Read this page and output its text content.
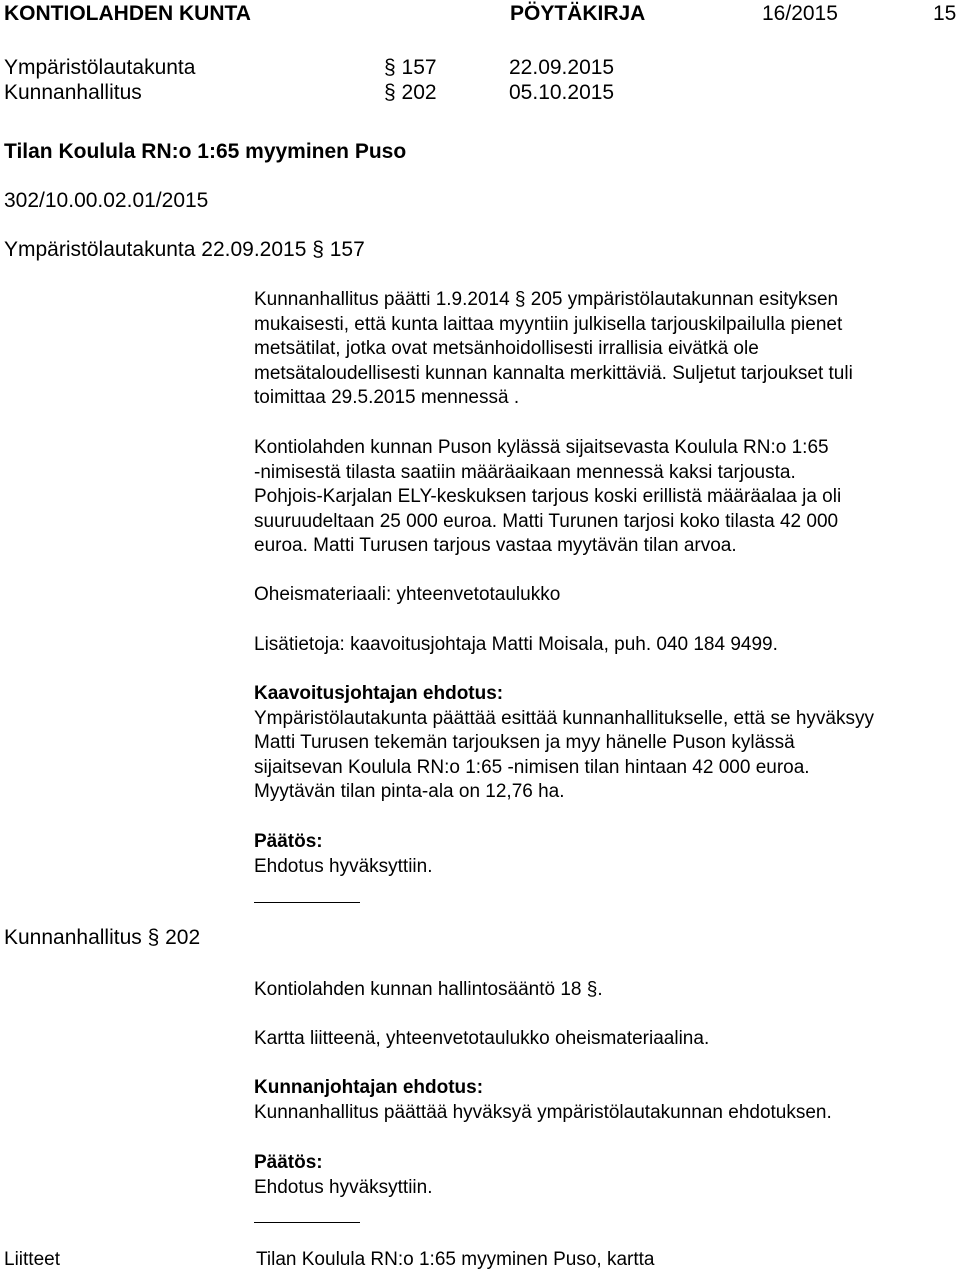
KONTIOLAHDEN KUNTA	PÖYTÄKIRJA	16/2015	15
Ympäristölautakunta	§ 157	22.09.2015
Kunnanhallitus	§ 202	05.10.2015
Tilan Koulula RN:o 1:65 myyminen Puso
302/10.00.02.01/2015
Ympäristölautakunta 22.09.2015 § 157
Kunnanhallitus päätti 1.9.2014 § 205 ympäristölautakunnan esityksen
mukaisesti, että kunta laittaa myyntiin julkisella tarjouskilpailulla pienet
metsätilat, jotka ovat metsänhoidollisesti irrallisia eivätkä ole
metsätaloudellisesti kunnan kannalta merkittäviä. Suljetut tarjoukset tuli
toimittaa 29.5.2015 mennessä .
Kontiolahden kunnan Puson kylässä sijaitsevasta Koulula RN:o 1:65
-nimisestä tilasta saatiin määräaikaan mennessä kaksi tarjousta.
Pohjois-Karjalan ELY-keskuksen tarjous koski erillistä määräalaa ja oli
suuruudeltaan 25 000 euroa. Matti Turunen tarjosi koko tilasta 42 000
euroa. Matti Turusen tarjous vastaa myytävän tilan arvoa.
Oheismateriaali: yhteenvetotaulukko
Lisätietoja: kaavoitusjohtaja Matti Moisala, puh. 040 184 9499.
Kaavoitusjohtajan ehdotus:
Ympäristölautakunta päättää esittää kunnanhallitukselle, että se hyväksyy
Matti Turusen tekemän tarjouksen ja myy hänelle Puson kylässä
sijaitsevan Koulula RN:o 1:65 -nimisen tilan hintaan 42 000 euroa.
Myytävän tilan pinta-ala on 12,76 ha.
Päätös:
Ehdotus hyväksyttiin.
Kunnanhallitus § 202
Kontiolahden kunnan hallintosääntö 18 §.
Kartta liitteenä, yhteenvetotaulukko oheismateriaalina.
Kunnanjohtajan ehdotus:
Kunnanhallitus päättää hyväksyä ympäristölautakunnan ehdotuksen.
Päätös:
Ehdotus hyväksyttiin.
Liitteet	Tilan Koulula RN:o 1:65 myyminen Puso, kartta
